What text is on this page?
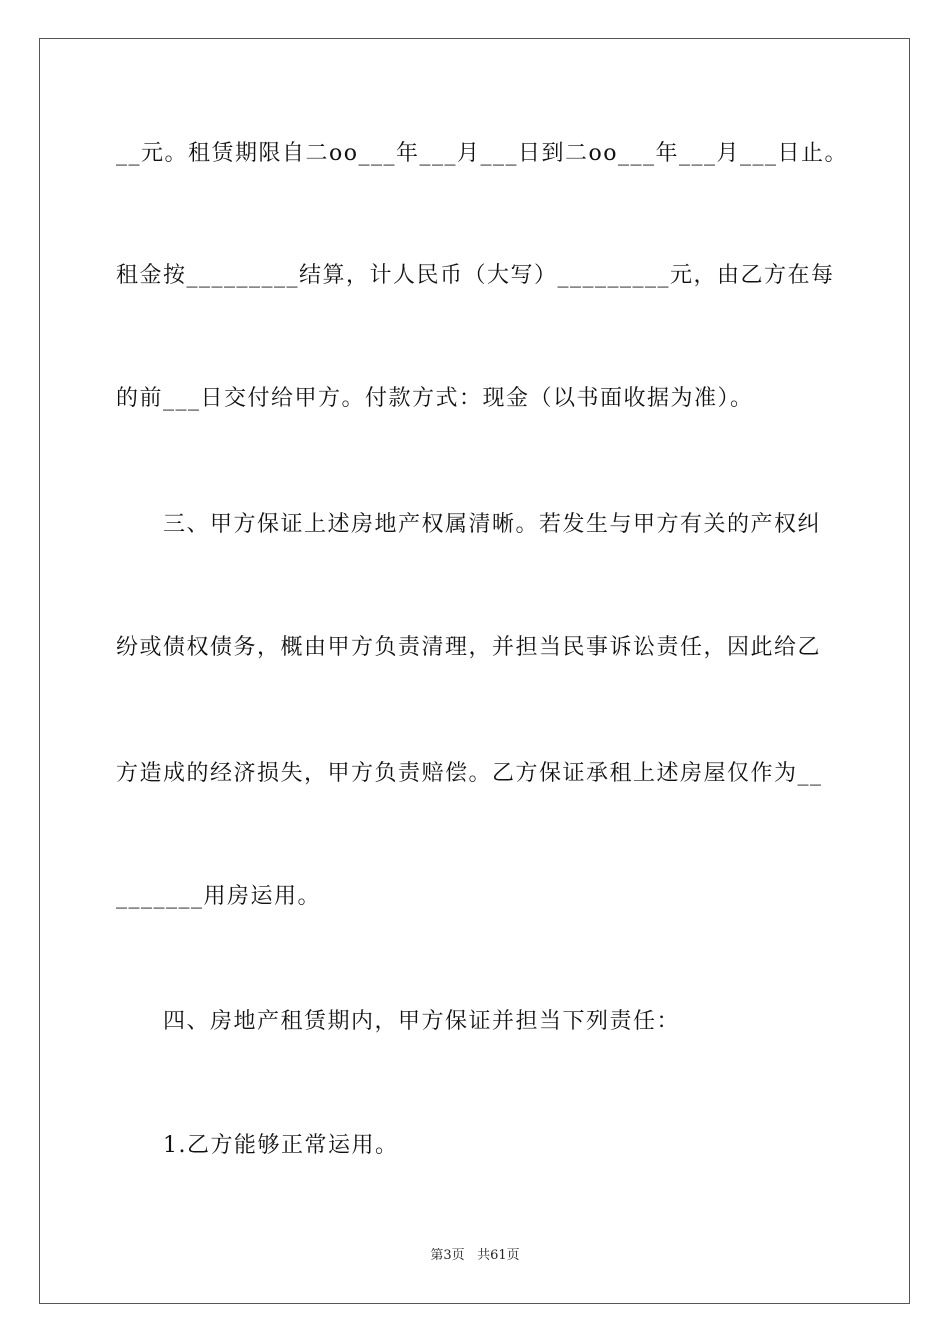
__元。租赁期限自二oo___年___月___日到二oo___年___月___日止。
租金按_________结算，计人民币（大写）_________元，由乙方在每
的前___日交付给甲方。付款方式：现金（以书面收据为准）。
　　三、甲方保证上述房地产权属清晰。若发生与甲方有关的产权纠
纷或债权债务，概由甲方负责清理，并担当民事诉讼责任，因此给乙
方造成的经济损失，甲方负责赔偿。乙方保证承租上述房屋仅作为__
_______用房运用。
　　四、房地产租赁期内，甲方保证并担当下列责任：
　　1.乙方能够正常运用。
第3页 共61页
